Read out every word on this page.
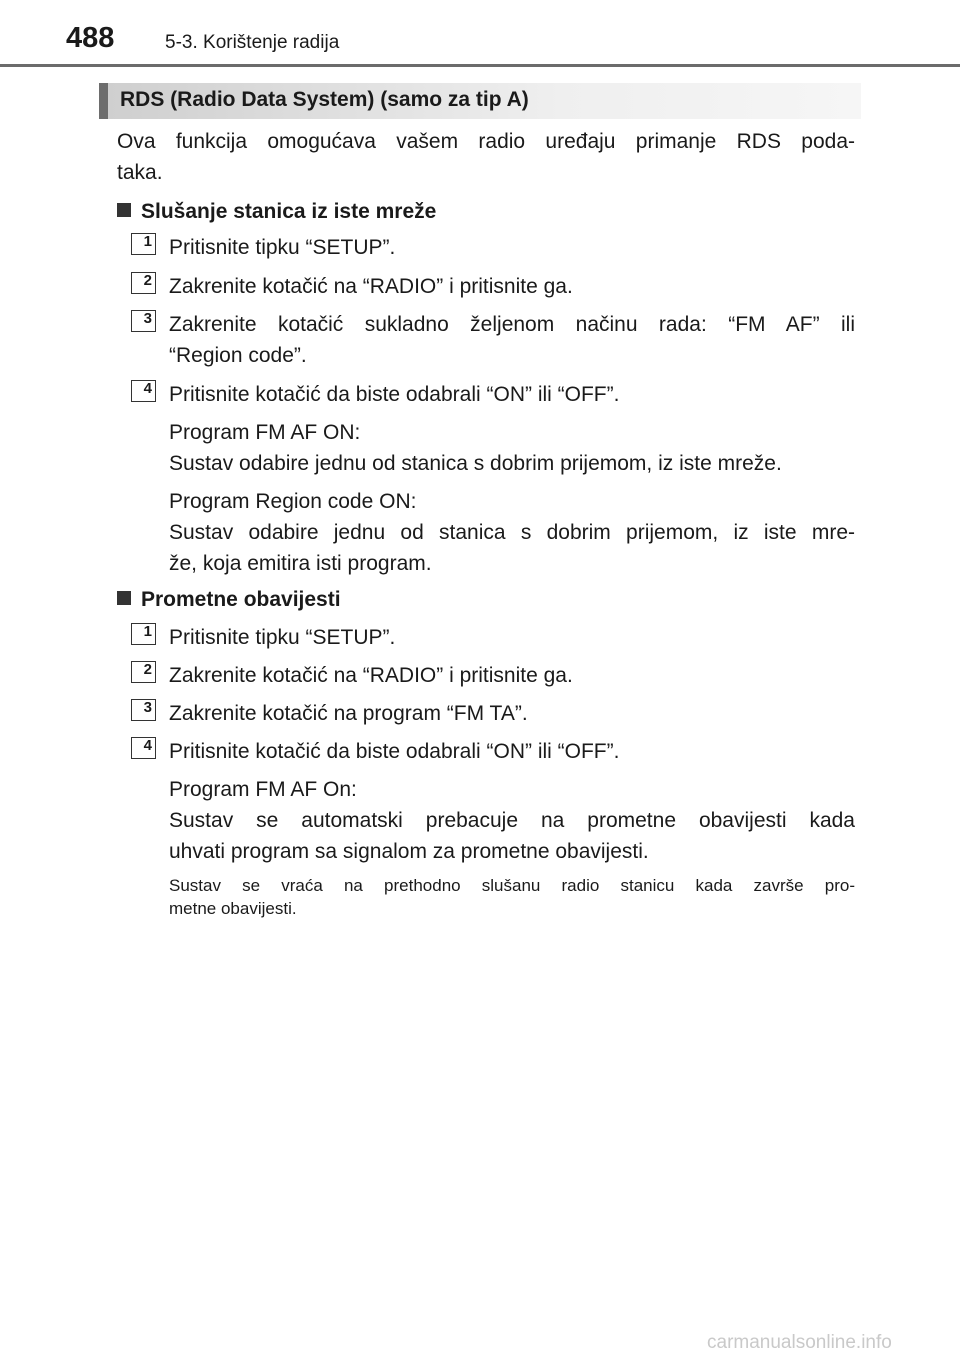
488	5-3. Korištenje radija
RDS (Radio Data System) (samo za tip A)
Ova funkcija omogućava vašem radio uređaju primanje RDS poda-
taka.
Slušanje stanica iz iste mreže
1 Pritisnite tipku “SETUP”.
2 Zakrenite kotačić na “RADIO” i pritisnite ga.
3 Zakrenite kotačić sukladno željenom načinu rada: “FM AF” ili
“Region code”.
4 Pritisnite kotačić da biste odabrali “ON” ili “OFF”.
Program FM AF ON:
Sustav odabire jednu od stanica s dobrim prijemom, iz iste mreže.
Program Region code ON:
Sustav odabire jednu od stanica s dobrim prijemom, iz iste mre-
že, koja emitira isti program.
Prometne obavijesti
1 Pritisnite tipku “SETUP”.
2 Zakrenite kotačić na “RADIO” i pritisnite ga.
3 Zakrenite kotačić na program “FM TA”.
4 Pritisnite kotačić da biste odabrali “ON” ili “OFF”.
Program FM AF On:
Sustav se automatski prebacuje na prometne obavijesti kada
uhvati program sa signalom za prometne obavijesti.
Sustav se vraća na prethodno slušanu radio stanicu kada završe pro-
metne obavijesti.
carmanualsonline.info
